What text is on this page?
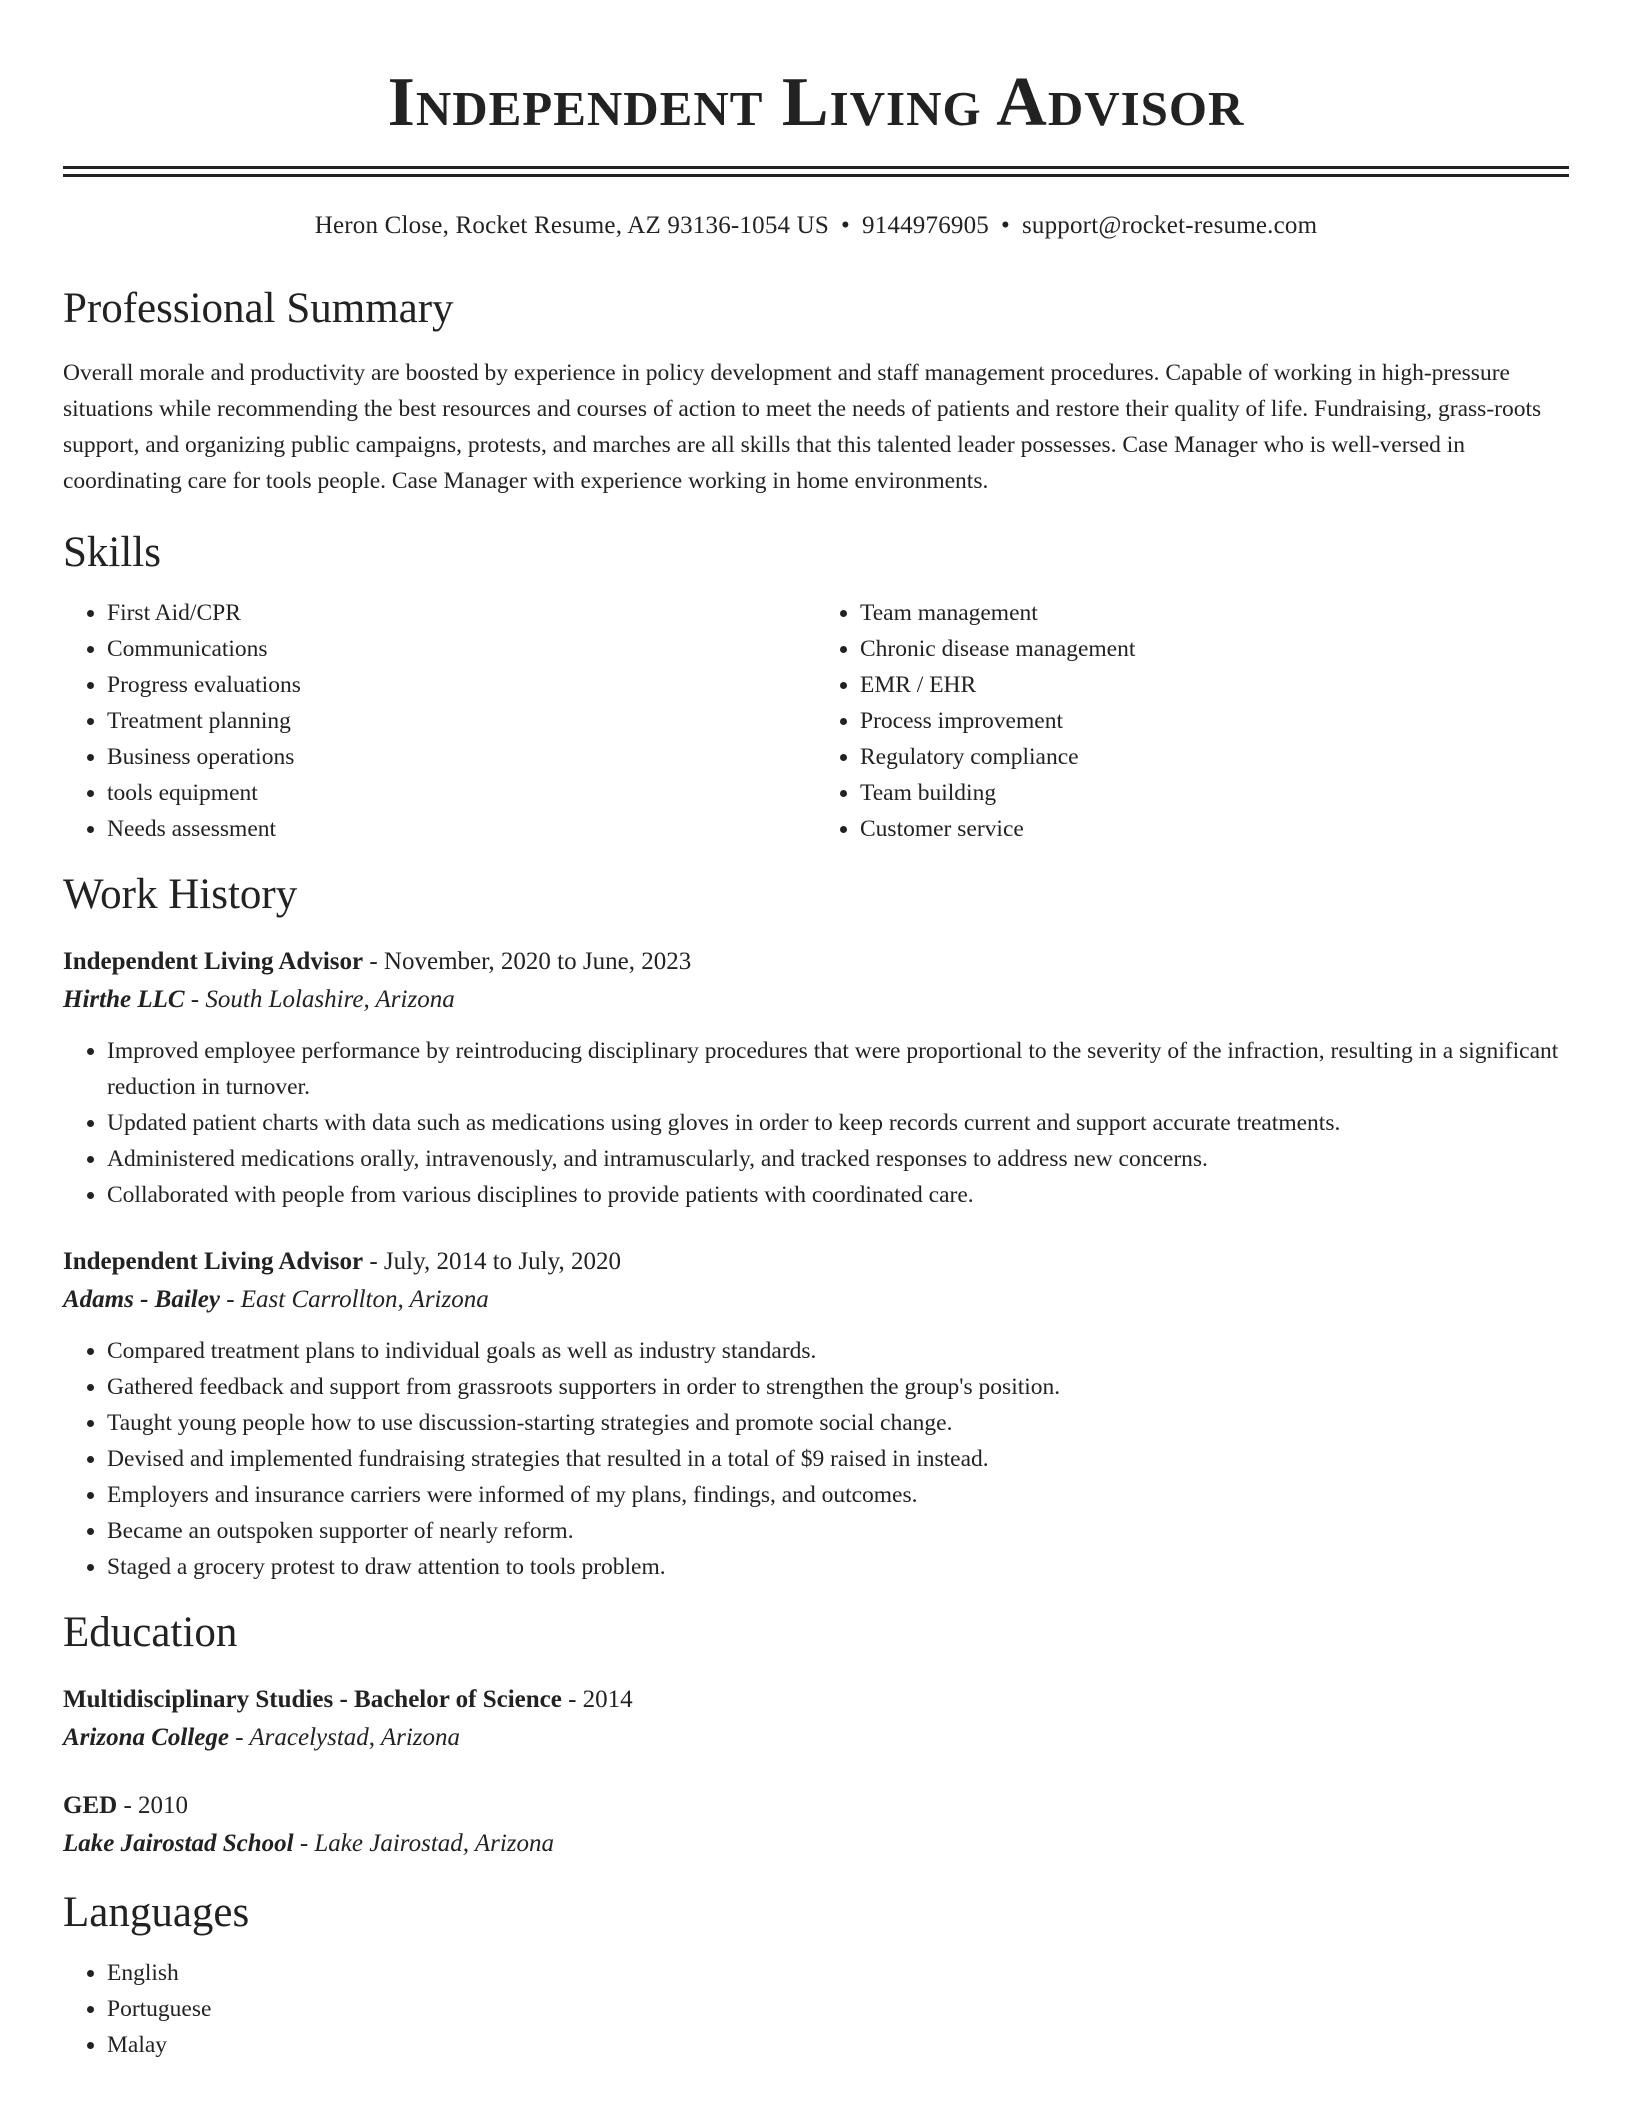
Independent Living Advisor
Heron Close, Rocket Resume, AZ 93136-1054 US • 9144976905 • support@rocket-resume.com
Professional Summary

Overall morale and productivity are boosted by experience in policy development and staff management procedures. Capable of working in high-pressure situations while recommending the best resources and courses of action to meet the needs of patients and restore their quality of life. Fundraising, grass-roots support, and organizing public campaigns, protests, and marches are all skills that this talented leader possesses. Case Manager who is well-versed in coordinating care for tools people. Case Manager with experience working in home environments.

Skills
• First Aid/CPR
• Communications
• Progress evaluations
• Treatment planning
• Business operations
• tools equipment
• Needs assessment
• Team management
• Chronic disease management
• EMR / EHR
• Process improvement
• Regulatory compliance
• Team building
• Customer service
Work History
Independent Living Advisor - November, 2020 to June, 2023
Hirthe LLC - South Lolashire, Arizona
• Improved employee performance by reintroducing disciplinary procedures that were proportional to the severity of the infraction, resulting in a significant reduction in turnover.
• Updated patient charts with data such as medications using gloves in order to keep records current and support accurate treatments.
• Administered medications orally, intravenously, and intramuscularly, and tracked responses to address new concerns.
• Collaborated with people from various disciplines to provide patients with coordinated care.
Independent Living Advisor - July, 2014 to July, 2020
Adams - Bailey - East Carrollton, Arizona
• Compared treatment plans to individual goals as well as industry standards.
• Gathered feedback and support from grassroots supporters in order to strengthen the group's position.
• Taught young people how to use discussion-starting strategies and promote social change.
• Devised and implemented fundraising strategies that resulted in a total of $9 raised in instead.
• Employers and insurance carriers were informed of my plans, findings, and outcomes.
• Became an outspoken supporter of nearly reform.
• Staged a grocery protest to draw attention to tools problem.
Education
Multidisciplinary Studies - Bachelor of Science - 2014
Arizona College - Aracelystad, Arizona
GED - 2010
Lake Jairostad School - Lake Jairostad, Arizona
Languages
• English
• Portuguese
• Malay
